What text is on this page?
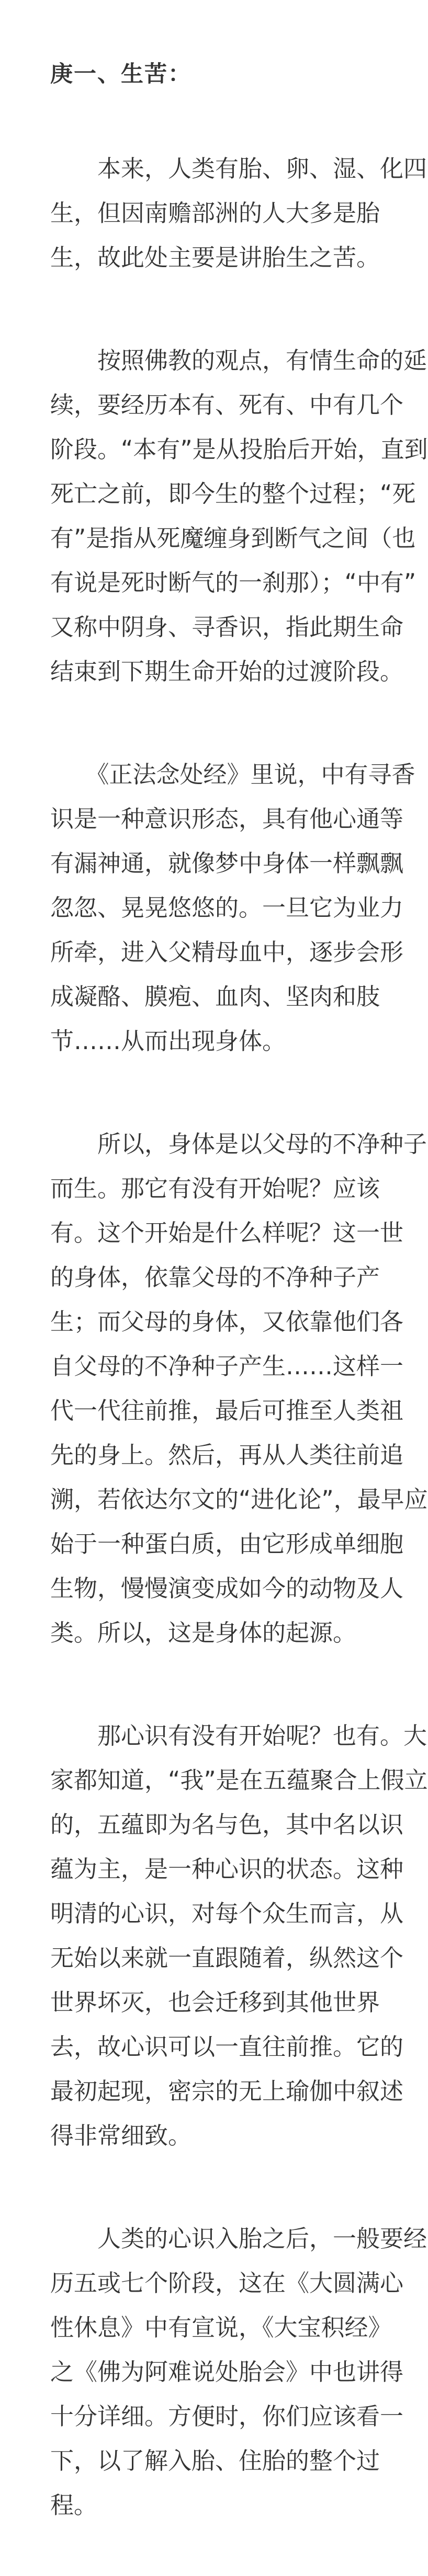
庚一、生苦：
　　本来，人类有胎、卵、湿、化四
生，但因南赡部洲的人大多是胎
生，故此处主要是讲胎生之苦。
　　按照佛教的观点，有情生命的延
续，要经历本有、死有、中有几个
阶段。“本有”是从投胎后开始，直到
死亡之前，即今生的整个过程；“死
有”是指从死魔缠身到断气之间（也
有说是死时断气的一刹那）；“中有”
又称中阴身、寻香识，指此期生命
结束到下期生命开始的过渡阶段。
　　《正法念处经》里说，中有寻香
识是一种意识形态，具有他心通等
有漏神通，就像梦中身体一样飘飘
忽忽、晃晃悠悠的。一旦它为业力
所牵，进入父精母血中，逐步会形
成凝酪、膜疱、血肉、坚肉和肢
节……从而出现身体。
　　所以，身体是以父母的不净种子
而生。那它有没有开始呢？应该
有。这个开始是什么样呢？这一世
的身体，依靠父母的不净种子产
生；而父母的身体，又依靠他们各
自父母的不净种子产生……这样一
代一代往前推，最后可推至人类祖
先的身上。然后，再从人类往前追
溯，若依达尔文的“进化论”，最早应
始于一种蛋白质，由它形成单细胞
生物，慢慢演变成如今的动物及人
类。所以，这是身体的起源。
　　那心识有没有开始呢？也有。大
家都知道，“我”是在五蕴聚合上假立
的，五蕴即为名与色，其中名以识
蕴为主，是一种心识的状态。这种
明清的心识，对每个众生而言，从
无始以来就一直跟随着，纵然这个
世界坏灭，也会迁移到其他世界
去，故心识可以一直往前推。它的
最初起现，密宗的无上瑜伽中叙述
得非常细致。
　　人类的心识入胎之后，一般要经
历五或七个阶段，这在《大圆满心
性休息》中有宣说，《大宝积经》
之《佛为阿难说处胎会》中也讲得
十分详细。方便时，你们应该看一
下，以了解入胎、住胎的整个过
程。
